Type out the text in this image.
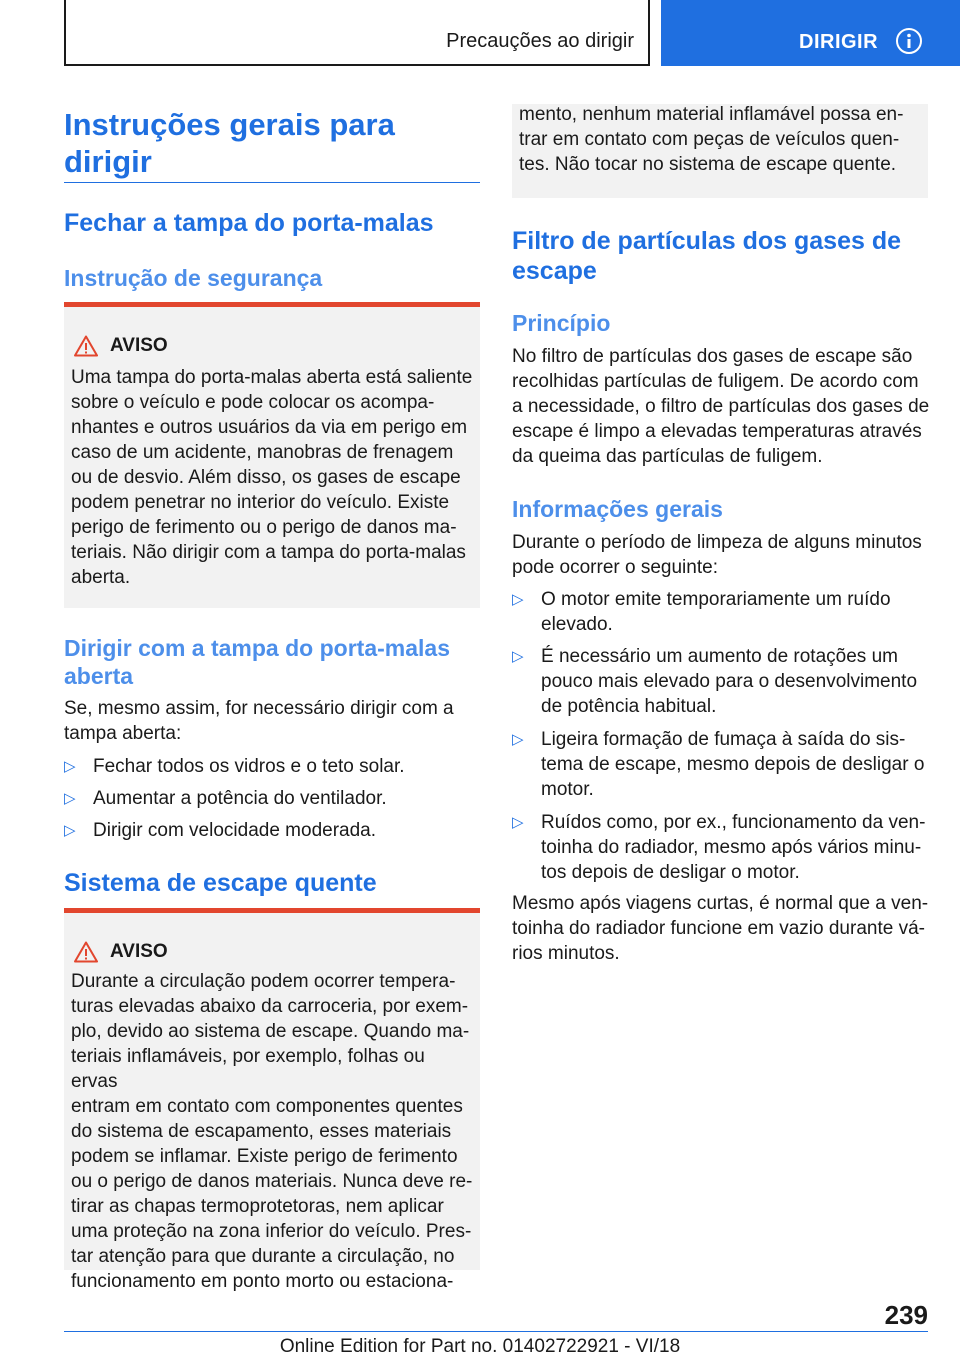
Precauções ao dirigir	DIRIGIR
Instruções gerais para
dirigir
Fechar a tampa do porta-malas
Instrução de segurança
AVISO
Uma tampa do porta-malas aberta está saliente
sobre o veículo e pode colocar os acompa-
nhantes e outros usuários da via em perigo em
caso de um acidente, manobras de frenagem
ou de desvio. Além disso, os gases de escape
podem penetrar no interior do veículo. Existe
perigo de ferimento ou o perigo de danos ma-
teriais. Não dirigir com a tampa do porta-malas
aberta.
Dirigir com a tampa do porta-malas
aberta
Se, mesmo assim, for necessário dirigir com a
tampa aberta:
▷ Fechar todos os vidros e o teto solar.
▷ Aumentar a potência do ventilador.
▷ Dirigir com velocidade moderada.
Sistema de escape quente
AVISO
Durante a circulação podem ocorrer tempera-
turas elevadas abaixo da carroceria, por exem-
plo, devido ao sistema de escape. Quando ma-
teriais inflamáveis, por exemplo, folhas ou ervas
entram em contato com componentes quentes
do sistema de escapamento, esses materiais
podem se inflamar. Existe perigo de ferimento
ou o perigo de danos materiais. Nunca deve re-
tirar as chapas termoprotetoras, nem aplicar
uma proteção na zona inferior do veículo. Pres-
tar atenção para que durante a circulação, no
funcionamento em ponto morto ou estaciona-
mento, nenhum material inflamável possa en-
trar em contato com peças de veículos quen-
tes. Não tocar no sistema de escape quente.
Filtro de partículas dos gases de
escape
Princípio
No filtro de partículas dos gases de escape são
recolhidas partículas de fuligem. De acordo com
a necessidade, o filtro de partículas dos gases de
escape é limpo a elevadas temperaturas através
da queima das partículas de fuligem.
Informações gerais
Durante o período de limpeza de alguns minutos
pode ocorrer o seguinte:
▷ O motor emite temporariamente um ruído
elevado.
▷ É necessário um aumento de rotações um
pouco mais elevado para o desenvolvimento
de potência habitual.
▷ Ligeira formação de fumaça à saída do sis-
tema de escape, mesmo depois de desligar o
motor.
▷ Ruídos como, por ex., funcionamento da ven-
toinha do radiador, mesmo após vários minu-
tos depois de desligar o motor.
Mesmo após viagens curtas, é normal que a ven-
toinha do radiador funcione em vazio durante vá-
rios minutos.
239
Online Edition for Part no. 01402722921 - VI/18
